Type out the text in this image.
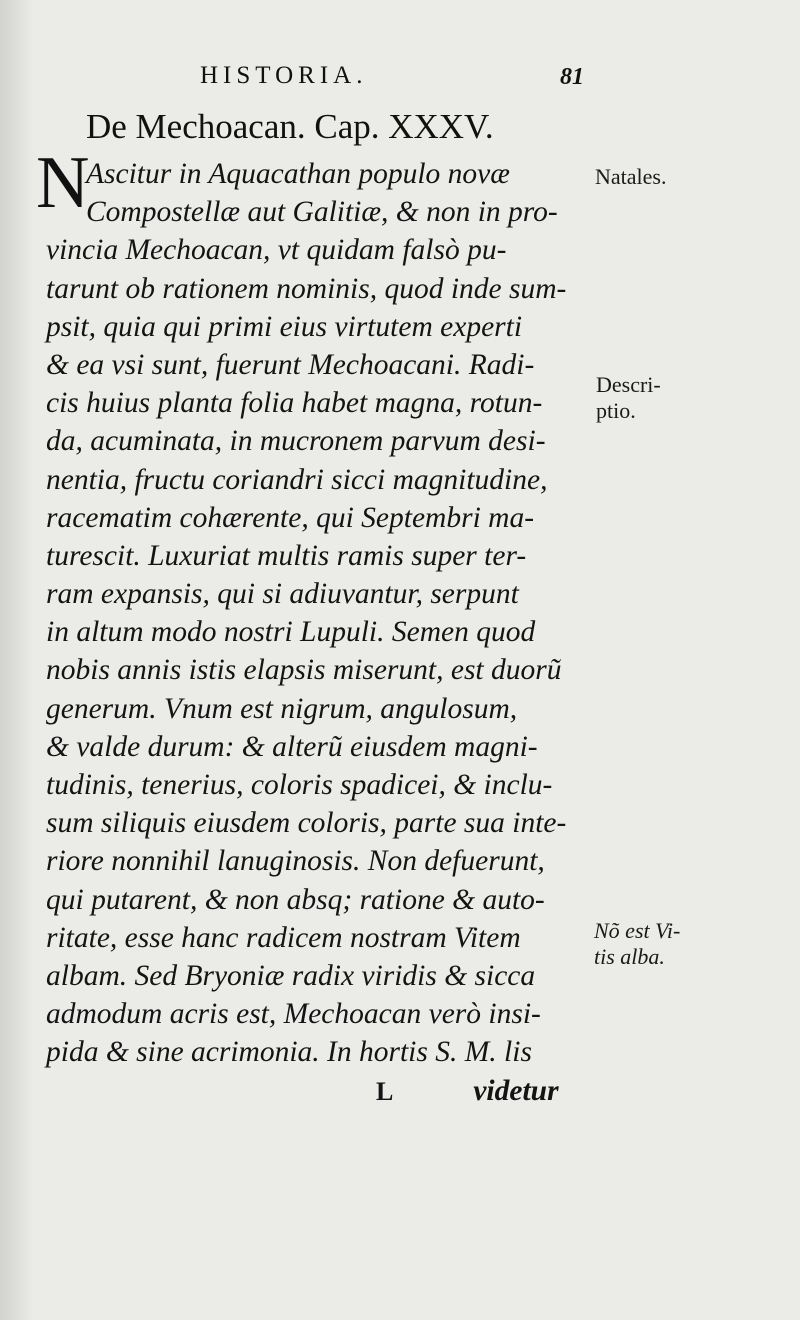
HISTORIA.	81
De Mechoacan. Cap. XXXV.
N
Ascitur in Aquacathan populo novæ
Compostellæ aut Galitiæ, & non in pro-
vincia Mechoacan, vt quidam falsò pu-
tarunt ob rationem nominis, quod inde sum-
psit, quia qui primi eius virtutem experti
& ea vsi sunt, fuerunt Mechoacani. Radi-
cis huius planta folia habet magna, rotun-
da, acuminata, in mucronem parvum desi-
nentia, fructu coriandri sicci magnitudine,
racematim cohærente, qui Septembri ma-
turescit. Luxuriat multis ramis super ter-
ram expansis, qui si adiuvantur, serpunt
in altum modo nostri Lupuli. Semen quod
nobis annis istis elapsis miserunt, est duorũ
generum. Vnum est nigrum, angulosum,
& valde durum: & alterũ eiusdem magni-
tudinis, tenerius, coloris spadicei, & inclu-
sum siliquis eiusdem coloris, parte sua inte-
riore nonnihil lanuginosis. Non defuerunt,
qui putarent, & non absq; ratione & auto-
ritate, esse hanc radicem nostram Vitem
albam. Sed Bryoniæ radix viridis & sicca
admodum acris est, Mechoacan verò insi-
pida & sine acrimonia. In hortis S. M. lis
L	videtur
Natales.
Descri-
ptio.
Nõ est Vi-
tis alba.
